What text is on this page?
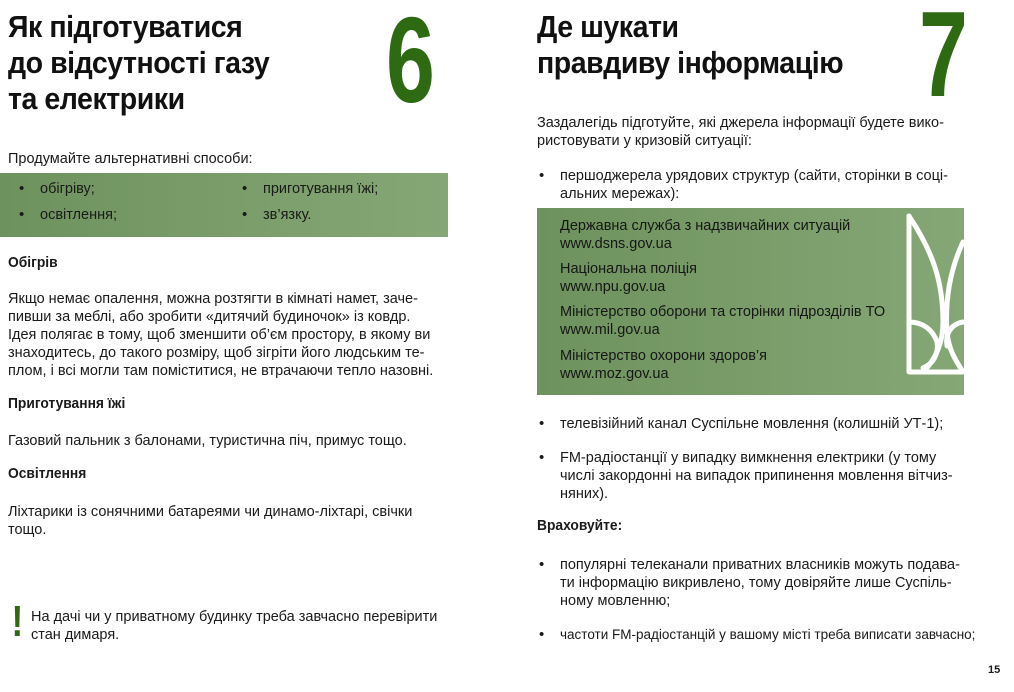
Як підготуватися
до відсутності газу
та електрики	6
Продумайте альтернативні способи:
• обігріву;
• освітлення;
• приготування їжі;
• зв’язку.
Обігрів
Якщо немає опалення, можна розтягти в кімнаті намет, заче-
пивши за меблі, або зробити «дитячий будиночок» із ковдр.
Ідея полягає в тому, щоб зменшити об’єм простору, в якому ви
знаходитесь, до такого розміру, щоб зігріти його людським те-
плом, і всі могли там поміститися, не втрачаючи тепло назовні.
Приготування їжі
Газовий пальник з балонами, туристична піч, примус тощо.
Освітлення
Ліхтарики із сонячними батареями чи динамо-ліхтарі, свічки
тощо.
! На дачі чи у приватному будинку треба завчасно перевірити
стан димаря.
Де шукати
правдиву інформацію 7
Заздалегідь підготуйте, які джерела інформації будете вико-
ристовувати у кризовій ситуації:
• першоджерела урядових структур (сайти, сторінки в соці-
альних мережах):
Державна служба з надзвичайних ситуацій
www.dsns.gov.ua
Національна поліція
www.npu.gov.ua
Міністерство оборони та сторінки підрозділів ТО
www.mil.gov.ua
Міністерство охорони здоров’я
www.moz.gov.ua
• телевізійний канал Суспільне мовлення (колишній УТ-1);
• FM-радіостанції у випадку вимкнення електрики (у тому
числі закордонні на випадок припинення мовлення вітчиз-
няних).
Враховуйте:
• популярні телеканали приватних власників можуть подава-
ти інформацію викривлено, тому довіряйте лише Суспіль-
ному мовленню;
• частоти FM-радіостанцій у вашому місті треба виписати завчасно;
15
